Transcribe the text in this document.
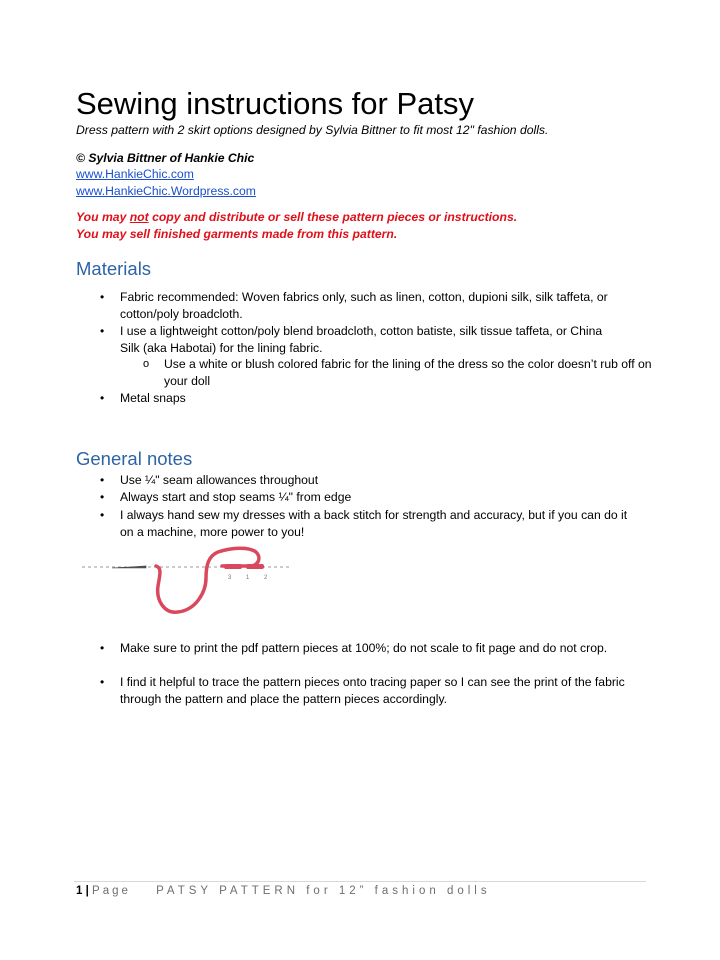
Sewing instructions for Patsy
Dress pattern with 2 skirt options designed by Sylvia Bittner to fit most 12" fashion dolls.
© Sylvia Bittner of Hankie Chic
www.HankieChic.com
www.HankieChic.Wordpress.com
You may not copy and distribute or sell these pattern pieces or instructions.
You may sell finished garments made from this pattern.
Materials
• Fabric recommended: Woven fabrics only, such as linen, cotton, dupioni silk, silk taffeta, or cotton/poly broadcloth.
• I use a lightweight cotton/poly blend broadcloth, cotton batiste, silk tissue taffeta, or China Silk (aka Habotai) for the lining fabric.
o Use a white or blush colored fabric for the lining of the dress so the color doesn’t rub off on your doll
• Metal snaps
General notes
• Use ¼" seam allowances throughout
• Always start and stop seams ¼" from edge
• I always hand sew my dresses with a back stitch for strength and accuracy, but if you can do it on a machine, more power to you!
3 1 2
• Make sure to print the pdf pattern pieces at 100%; do not scale to fit page and do not crop.
• I find it helpful to trace the pattern pieces onto tracing paper so I can see the print of the fabric through the pattern and place the pattern pieces accordingly.
1 | Page PATSY PATTERN for 12” fashion dolls
